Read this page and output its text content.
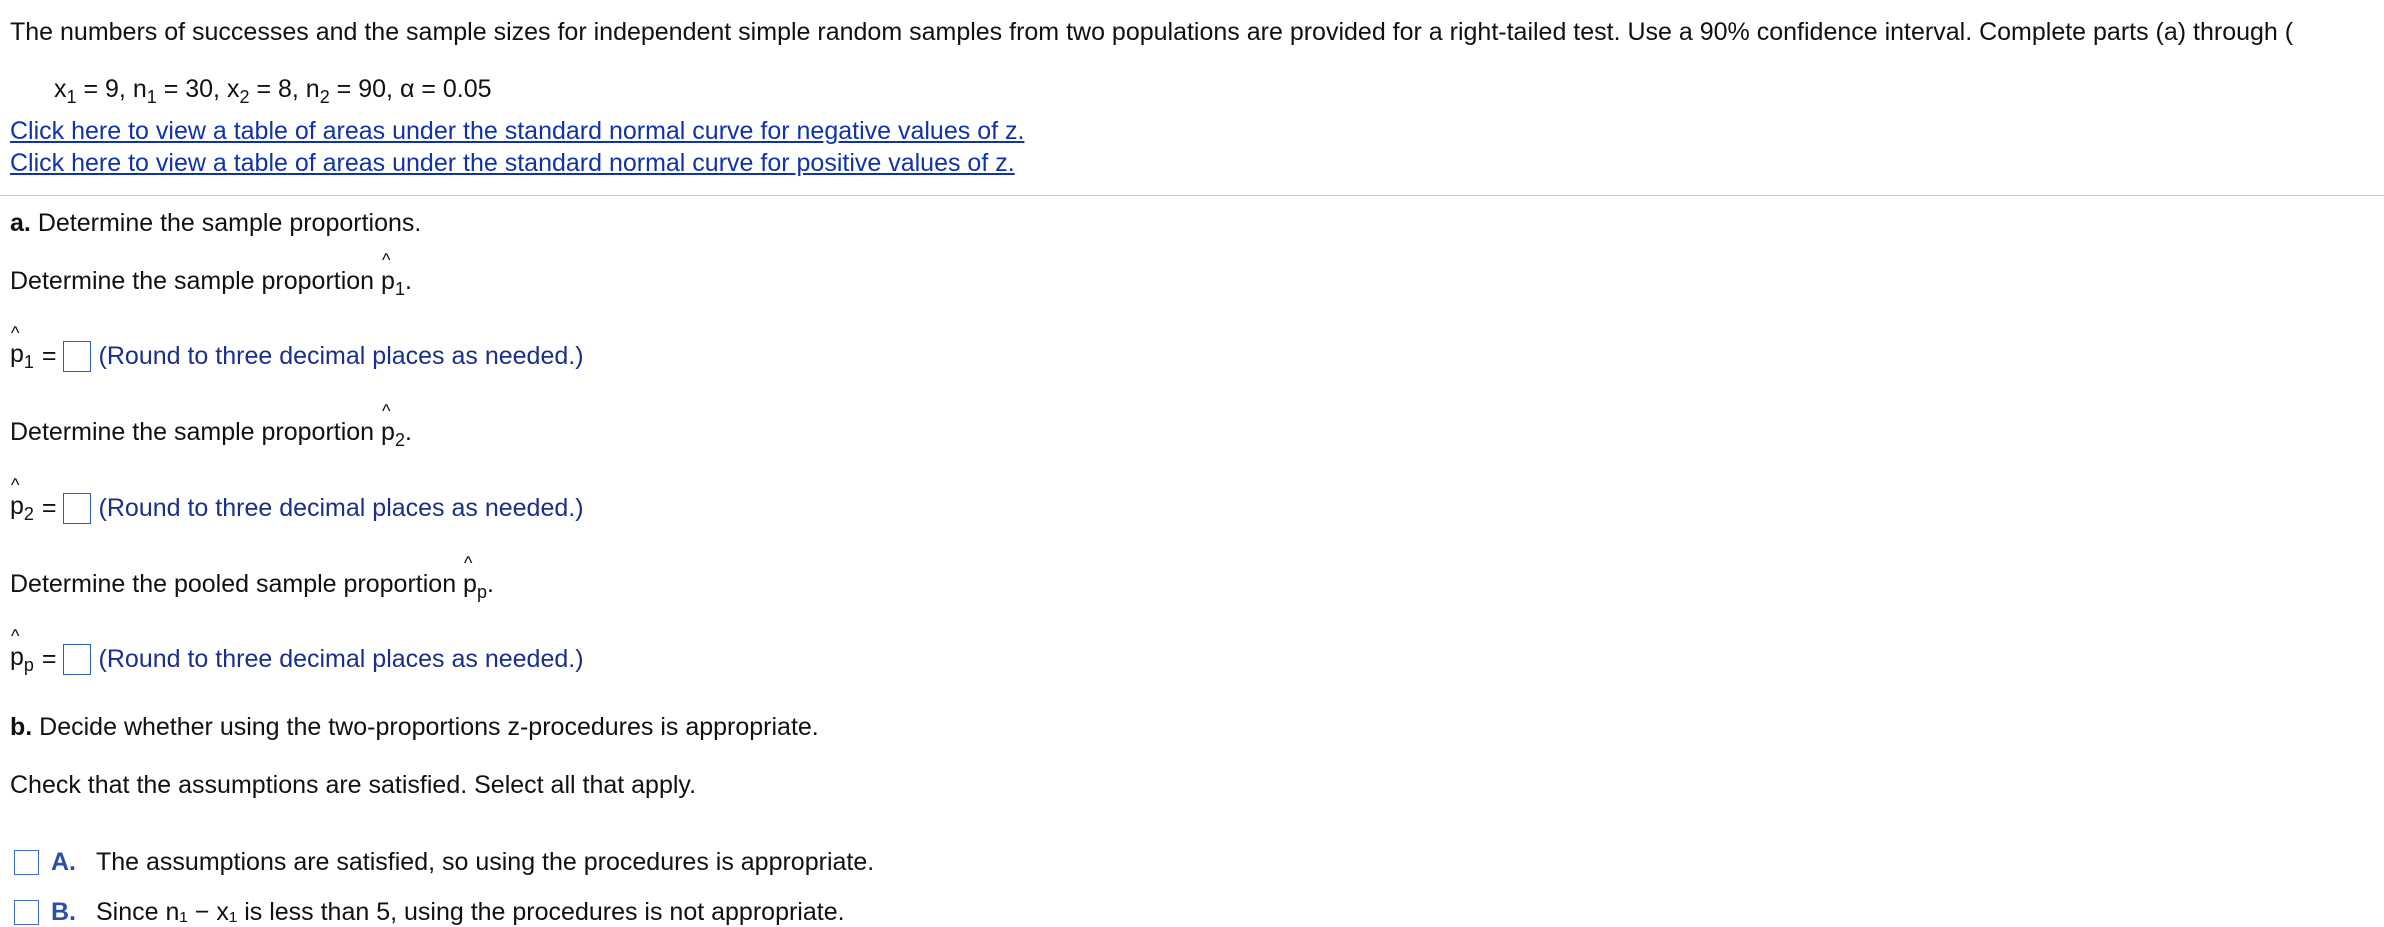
The numbers of successes and the sample sizes for independent simple random samples from two populations are provided for a right-tailed test. Use a 90% confidence interval. Complete parts (a) through (
$x_1 = 9$, $n_1 = 30$, $x_2 = 8$, $n_2 = 90$, α = 0.05
Click here to view a table of areas under the standard normal curve for negative values of z.
Click here to view a table of areas under the standard normal curve for positive values of z.
a. Determine the sample proportions.
Determine the sample proportion
^
$p_1$.
^
$p_1$ = (Round to three decimal places as needed.)
Determine the sample proportion
^
$p_2$.
^
$p_2$ = (Round to three decimal places as needed.)
Determine the pooled sample proportion
^
$p_p$.
^
$p_p$ = (Round to three decimal places as needed.)
b. Decide whether using the two-proportions z-procedures is appropriate.
Check that the assumptions are satisfied. Select all that apply.
A. The assumptions are satisfied, so using the procedures is appropriate.
B. Since n₁ − x₁ is less than 5, using the procedures is not appropriate.
